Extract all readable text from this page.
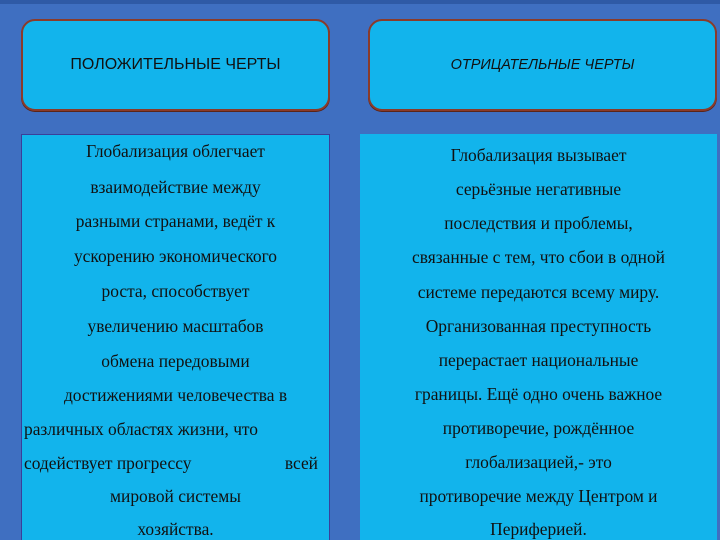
ПОЛОЖИТЕЛЬНЫЕ ЧЕРТЫ	ОТРИЦАТЕЛЬНЫЕ ЧЕРТЫ
Глобализация облегчает
взаимодействие между
разными странами, ведёт к
ускорению экономического
роста, способствует
увеличению масштабов
обмена передовыми
достижениями человечества в
различных областях жизни, что
содействует прогрессу	всей
мировой системы
хозяйства.
Глобализация вызывает
серьёзные негативные
последствия и проблемы,
связанные с тем, что сбои в одной
системе передаются всему миру.
Организованная преступность
перерастает национальные
границы. Ещё одно очень важное
противоречие, рождённое
глобализацией,- это
противоречие между Центром и
Периферией.
